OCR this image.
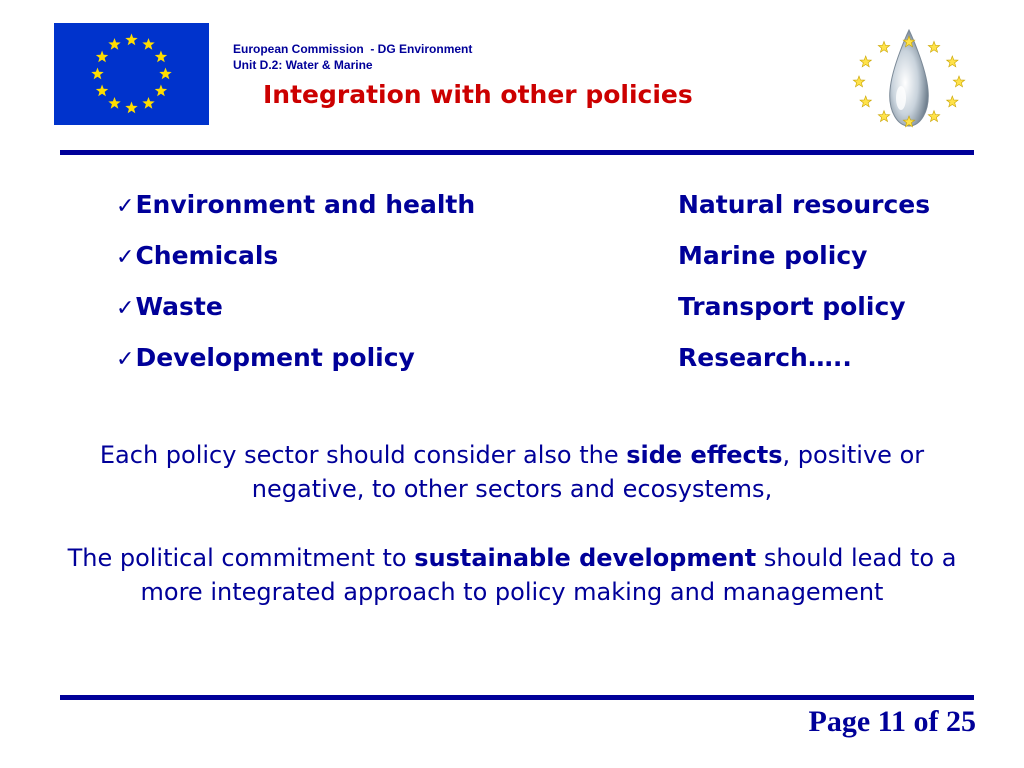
European Commission  - DG Environment
Unit D.2: Water & Marine
Integration with other policies
✓Environment and health
✓Chemicals
✓Waste
✓Development policy
Natural resources
Marine policy
Transport policy
Research…..
Each policy sector should consider also the side effects, positive or negative, to other sectors and ecosystems,
The political commitment to sustainable development should lead to a more integrated approach to policy making and management
Page 11 of 25
